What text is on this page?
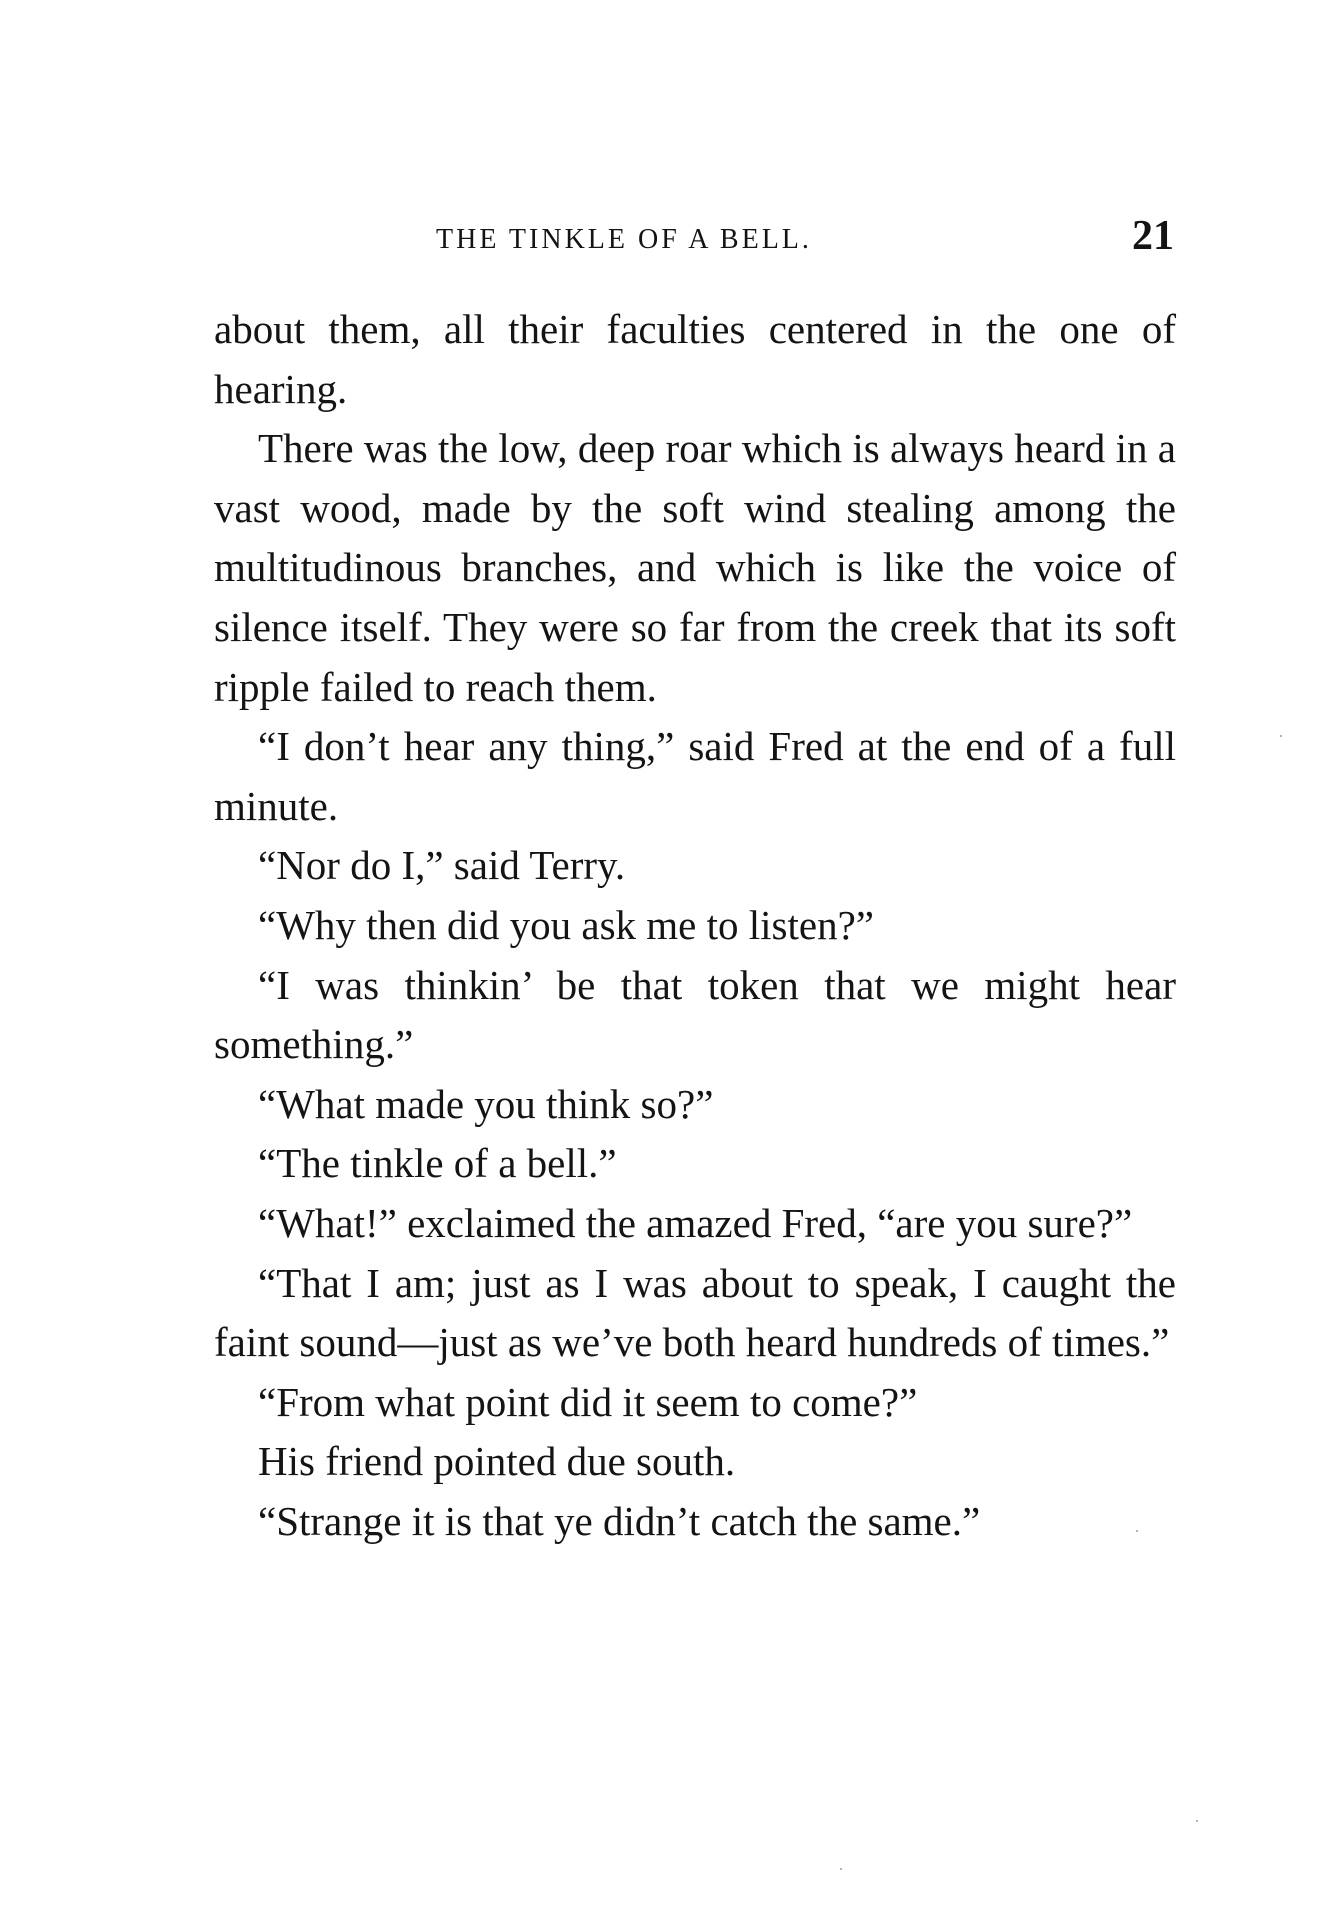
THE TINKLE OF A BELL.	21

about them, all their faculties centered in the one of hearing.

There was the low, deep roar which is always heard in a vast wood, made by the soft wind stealing among the multitudinous branches, and which is like the voice of silence itself. They were so far from the creek that its soft ripple failed to reach them.

“I don’t hear any thing,” said Fred at the end of a full minute.

“Nor do I,” said Terry.

“Why then did you ask me to listen?”

“I was thinkin’ be that token that we might hear something.”

“What made you think so?”

“The tinkle of a bell.”

“What!” exclaimed the amazed Fred, “are you sure?”

“That I am; just as I was about to speak, I caught the faint sound—just as we’ve both heard hundreds of times.”

“From what point did it seem to come?”

His friend pointed due south.

“Strange it is that ye didn’t catch the same.”
